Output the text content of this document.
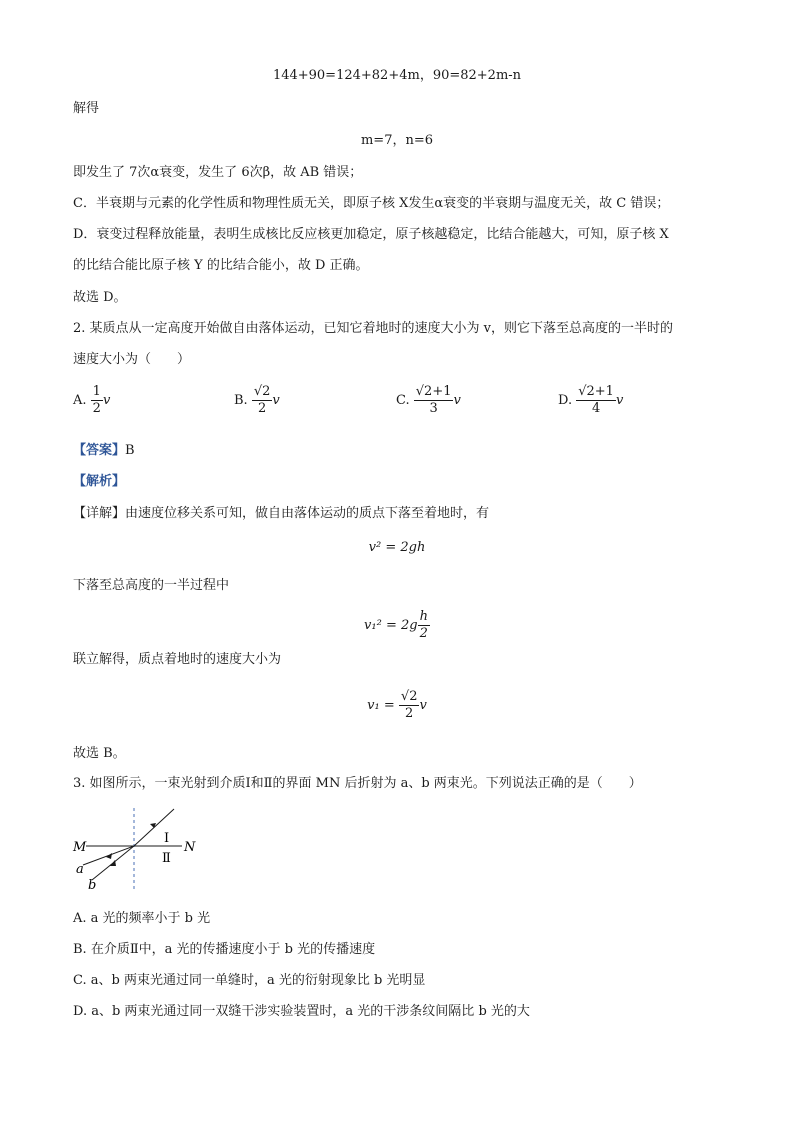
144+90=124+82+4m，90=82+2m-n
解得
m=7，n=6
即发生了 7次α衰变，发生了 6次β，故 AB 错误；
C．半衰期与元素的化学性质和物理性质无关，即原子核 X发生α衰变的半衰期与温度无关，故 C 错误；
D．衰变过程释放能量，表明生成核比反应核更加稳定，原子核越稳定，比结合能越大，可知，原子核 X
的比结合能比原子核 Y 的比结合能小，故 D 正确。
故选 D。
2. 某质点从一定高度开始做自由落体运动，已知它着地时的速度大小为 v，则它下落至总高度的一半时的
速度大小为（　　）
A. $\frac{1}{2}$ v	B. $\frac{√2}{2}$ v	C. $\frac{√2+1}{3}$ v	D. $\frac{√2+1}{4}$ v
【答案】B
【解析】
【详解】由速度位移关系可知，做自由落体运动的质点下落至着地时，有
v² = 2gh
下落至总高度的一半过程中
$v_1^2 = 2g \frac{h}{2}$
联立解得，质点着地时的速度大小为
v₁ =
$\frac{√2}{2}$ v
故选 B。
3. 如图所示，一束光射到介质Ⅰ和Ⅱ的界面 MN 后折射为 a、b 两束光。下列说法正确的是（　　）
M	N
Ⅰ
Ⅱ
a
b
A. a 光的频率小于 b 光
B. 在介质Ⅱ中，a 光的传播速度小于 b 光的传播速度
C. a、b 两束光通过同一单缝时，a 光的衍射现象比 b 光明显
D. a、b 两束光通过同一双缝干涉实验装置时，a 光的干涉条纹间隔比 b 光的大
